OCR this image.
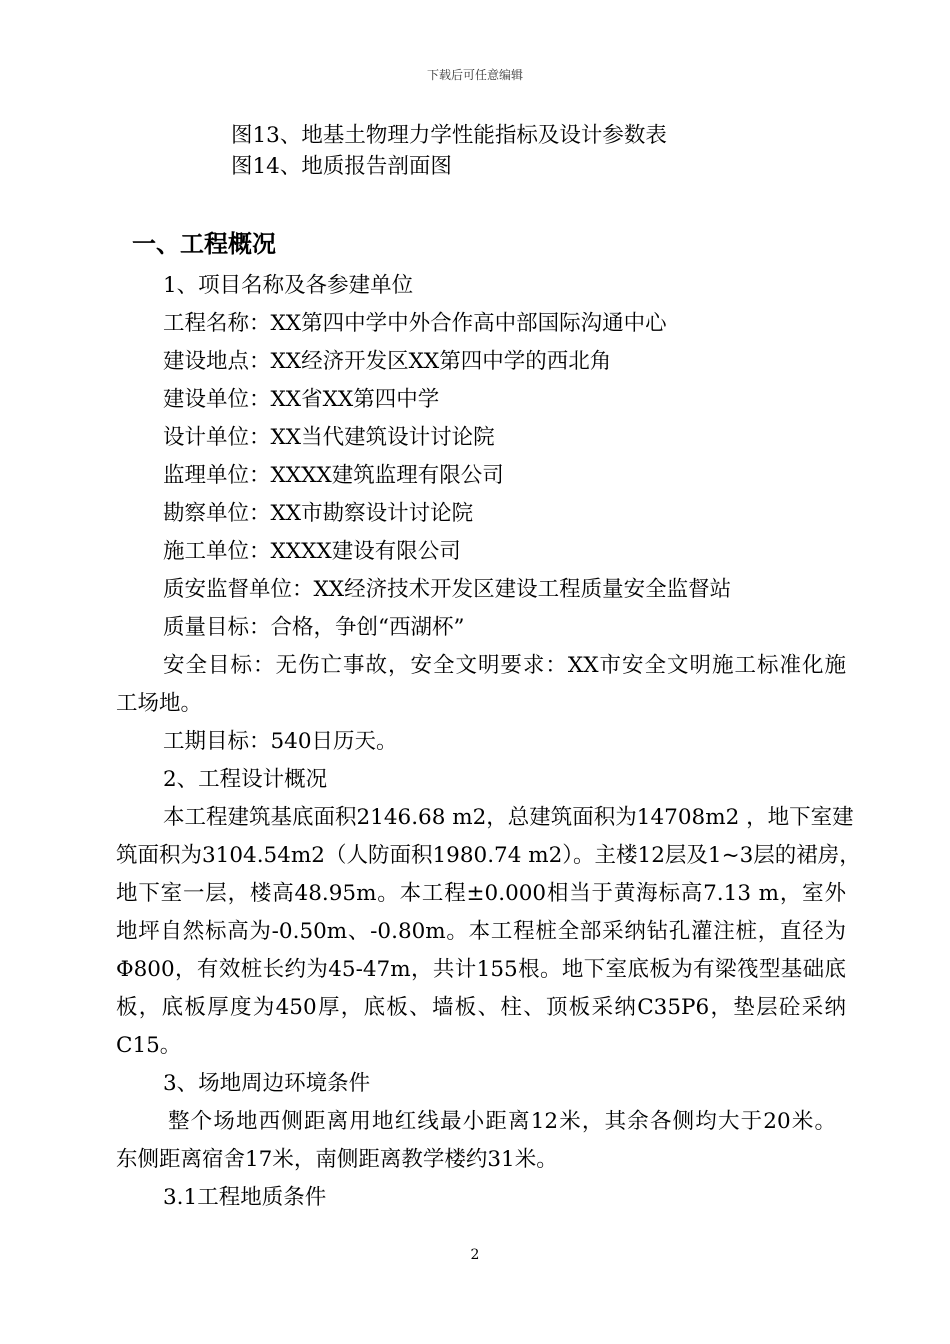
下载后可任意编辑
图13、地基土物理力学性能指标及设计参数表
图14、地质报告剖面图
一、工程概况
1、项目名称及各参建单位
工程名称：XX第四中学中外合作高中部国际沟通中心
建设地点：XX经济开发区XX第四中学的西北角
建设单位：XX省XX第四中学
设计单位：XX当代建筑设计讨论院
监理单位：XXXX建筑监理有限公司
勘察单位：XX市勘察设计讨论院
施工单位：XXXX建设有限公司
质安监督单位：XX经济技术开发区建设工程质量安全监督站
质量目标：合格，争创“西湖杯”
安全目标：无伤亡事故，安全文明要求：XX市安全文明施工标准化施
工场地。
工期目标：540日历天。
2、工程设计概况
本工程建筑基底面积2146.68 m2，总建筑面积为14708m2 ，地下室建
筑面积为3104.54m2（人防面积1980.74 m2）。主楼12层及1~3层的裙房，
地下室一层，楼高48.95m。本工程±0.000相当于黄海标高7.13 m，室外
地坪自然标高为-0.50m、-0.80m。本工程桩全部采纳钻孔灌注桩，直径为
Φ800，有效桩长约为45-47m，共计155根。地下室底板为有梁筏型基础底
板，底板厚度为450厚，底板、墙板、柱、顶板采纳C35P6，垫层砼采纳
C15。
3、场地周边环境条件
整个场地西侧距离用地红线最小距离12米，其余各侧均大于20米。
东侧距离宿舍17米，南侧距离教学楼约31米。
3.1工程地质条件
2
